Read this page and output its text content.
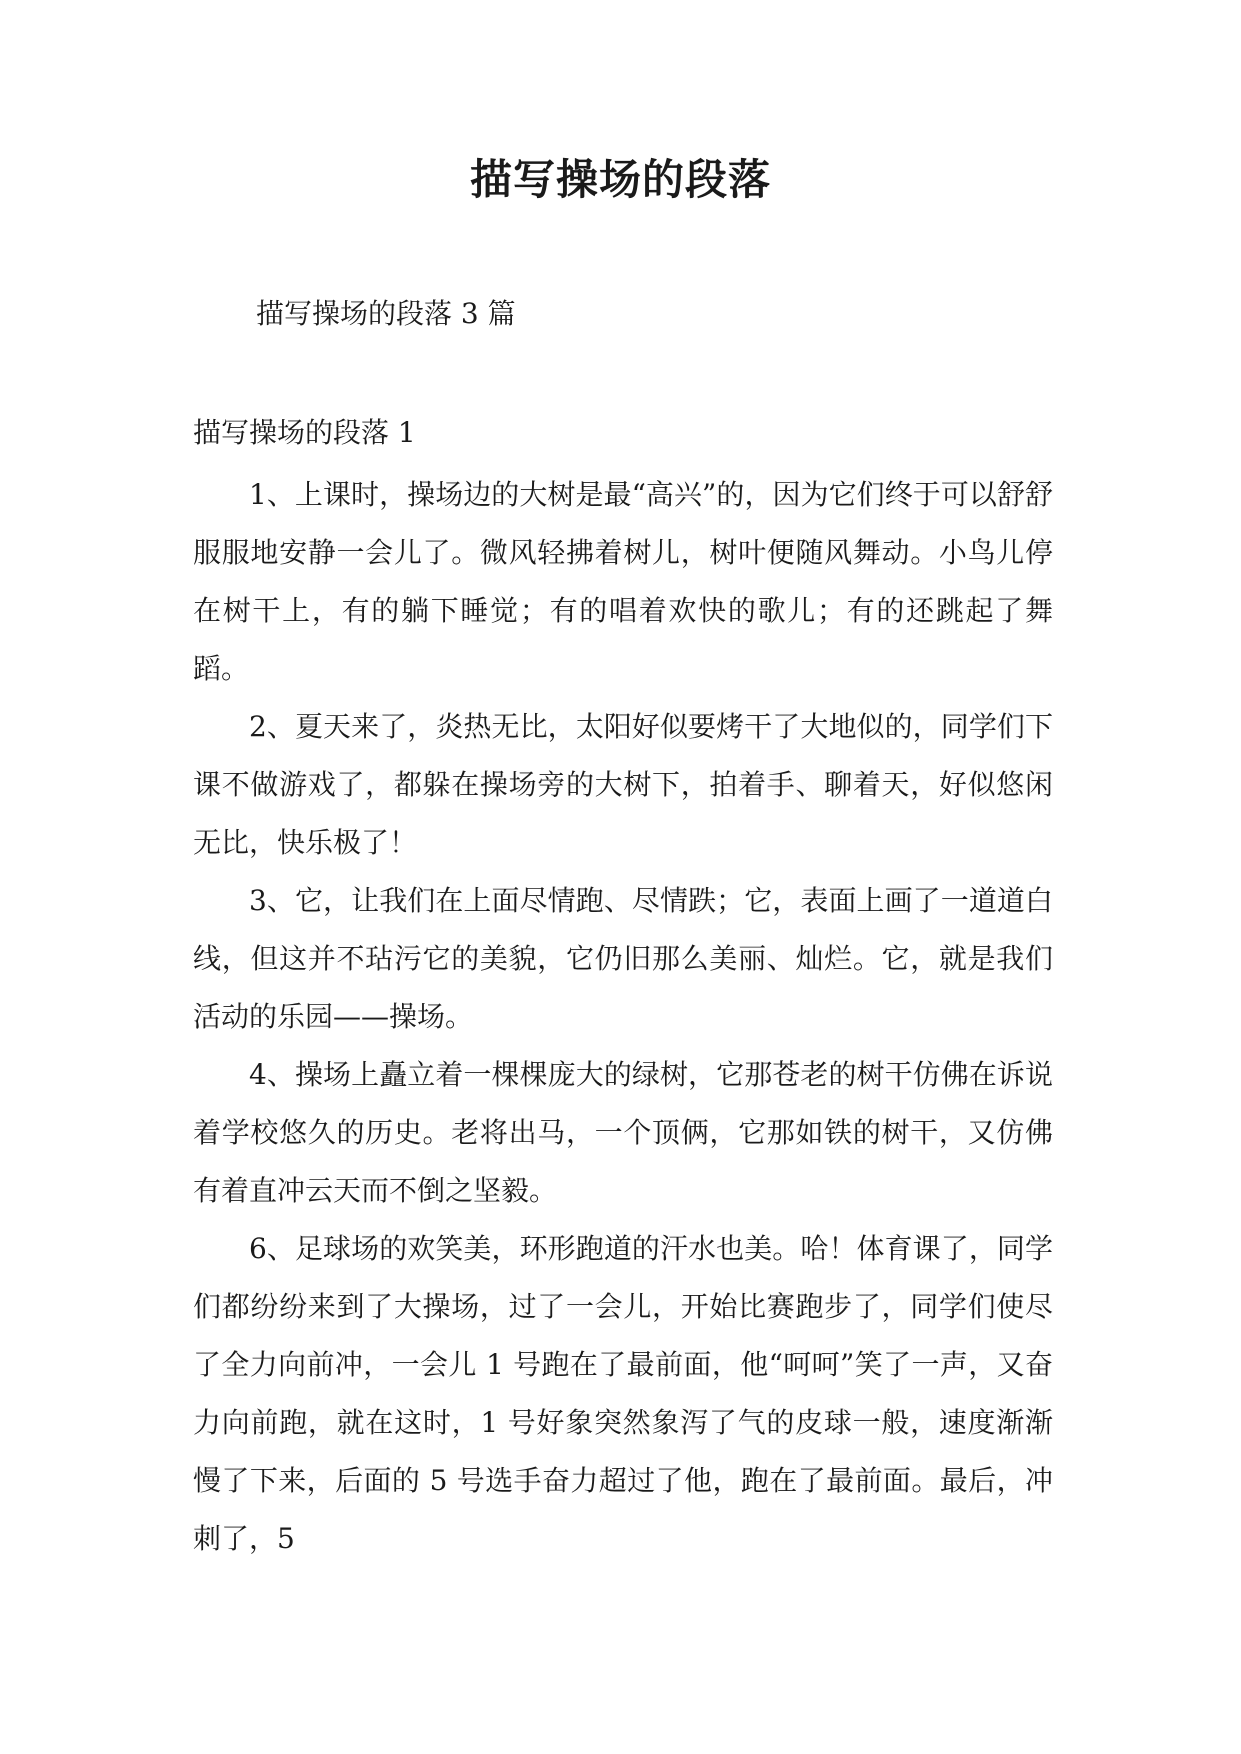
描写操场的段落
描写操场的段落 3 篇
描写操场的段落 1

1、上课时，操场边的大树是最“高兴”的，因为它们终于可以舒舒服服地安静一会儿了。微风轻拂着树儿，树叶便随风舞动。小鸟儿停在树干上，有的躺下睡觉；有的唱着欢快的歌儿；有的还跳起了舞蹈。

2、夏天来了，炎热无比，太阳好似要烤干了大地似的，同学们下课不做游戏了，都躲在操场旁的大树下，拍着手、聊着天，好似悠闲无比，快乐极了！

3、它，让我们在上面尽情跑、尽情跌；它，表面上画了一道道白线，但这并不玷污它的美貌，它仍旧那么美丽、灿烂。它，就是我们活动的乐园——操场。

4、操场上矗立着一棵棵庞大的绿树，它那苍老的树干仿佛在诉说着学校悠久的历史。老将出马，一个顶俩，它那如铁的树干，又仿佛有着直冲云天而不倒之坚毅。

6、足球场的欢笑美，环形跑道的汗水也美。哈！体育课了，同学们都纷纷来到了大操场，过了一会儿，开始比赛跑步了，同学们使尽了全力向前冲，一会儿 1 号跑在了最前面，他“呵呵”笑了一声，又奋力向前跑，就在这时，1 号好象突然象泻了气的皮球一般，速度渐渐慢了下来，后面的 5 号选手奋力超过了他，跑在了最前面。最后，冲刺了，5
